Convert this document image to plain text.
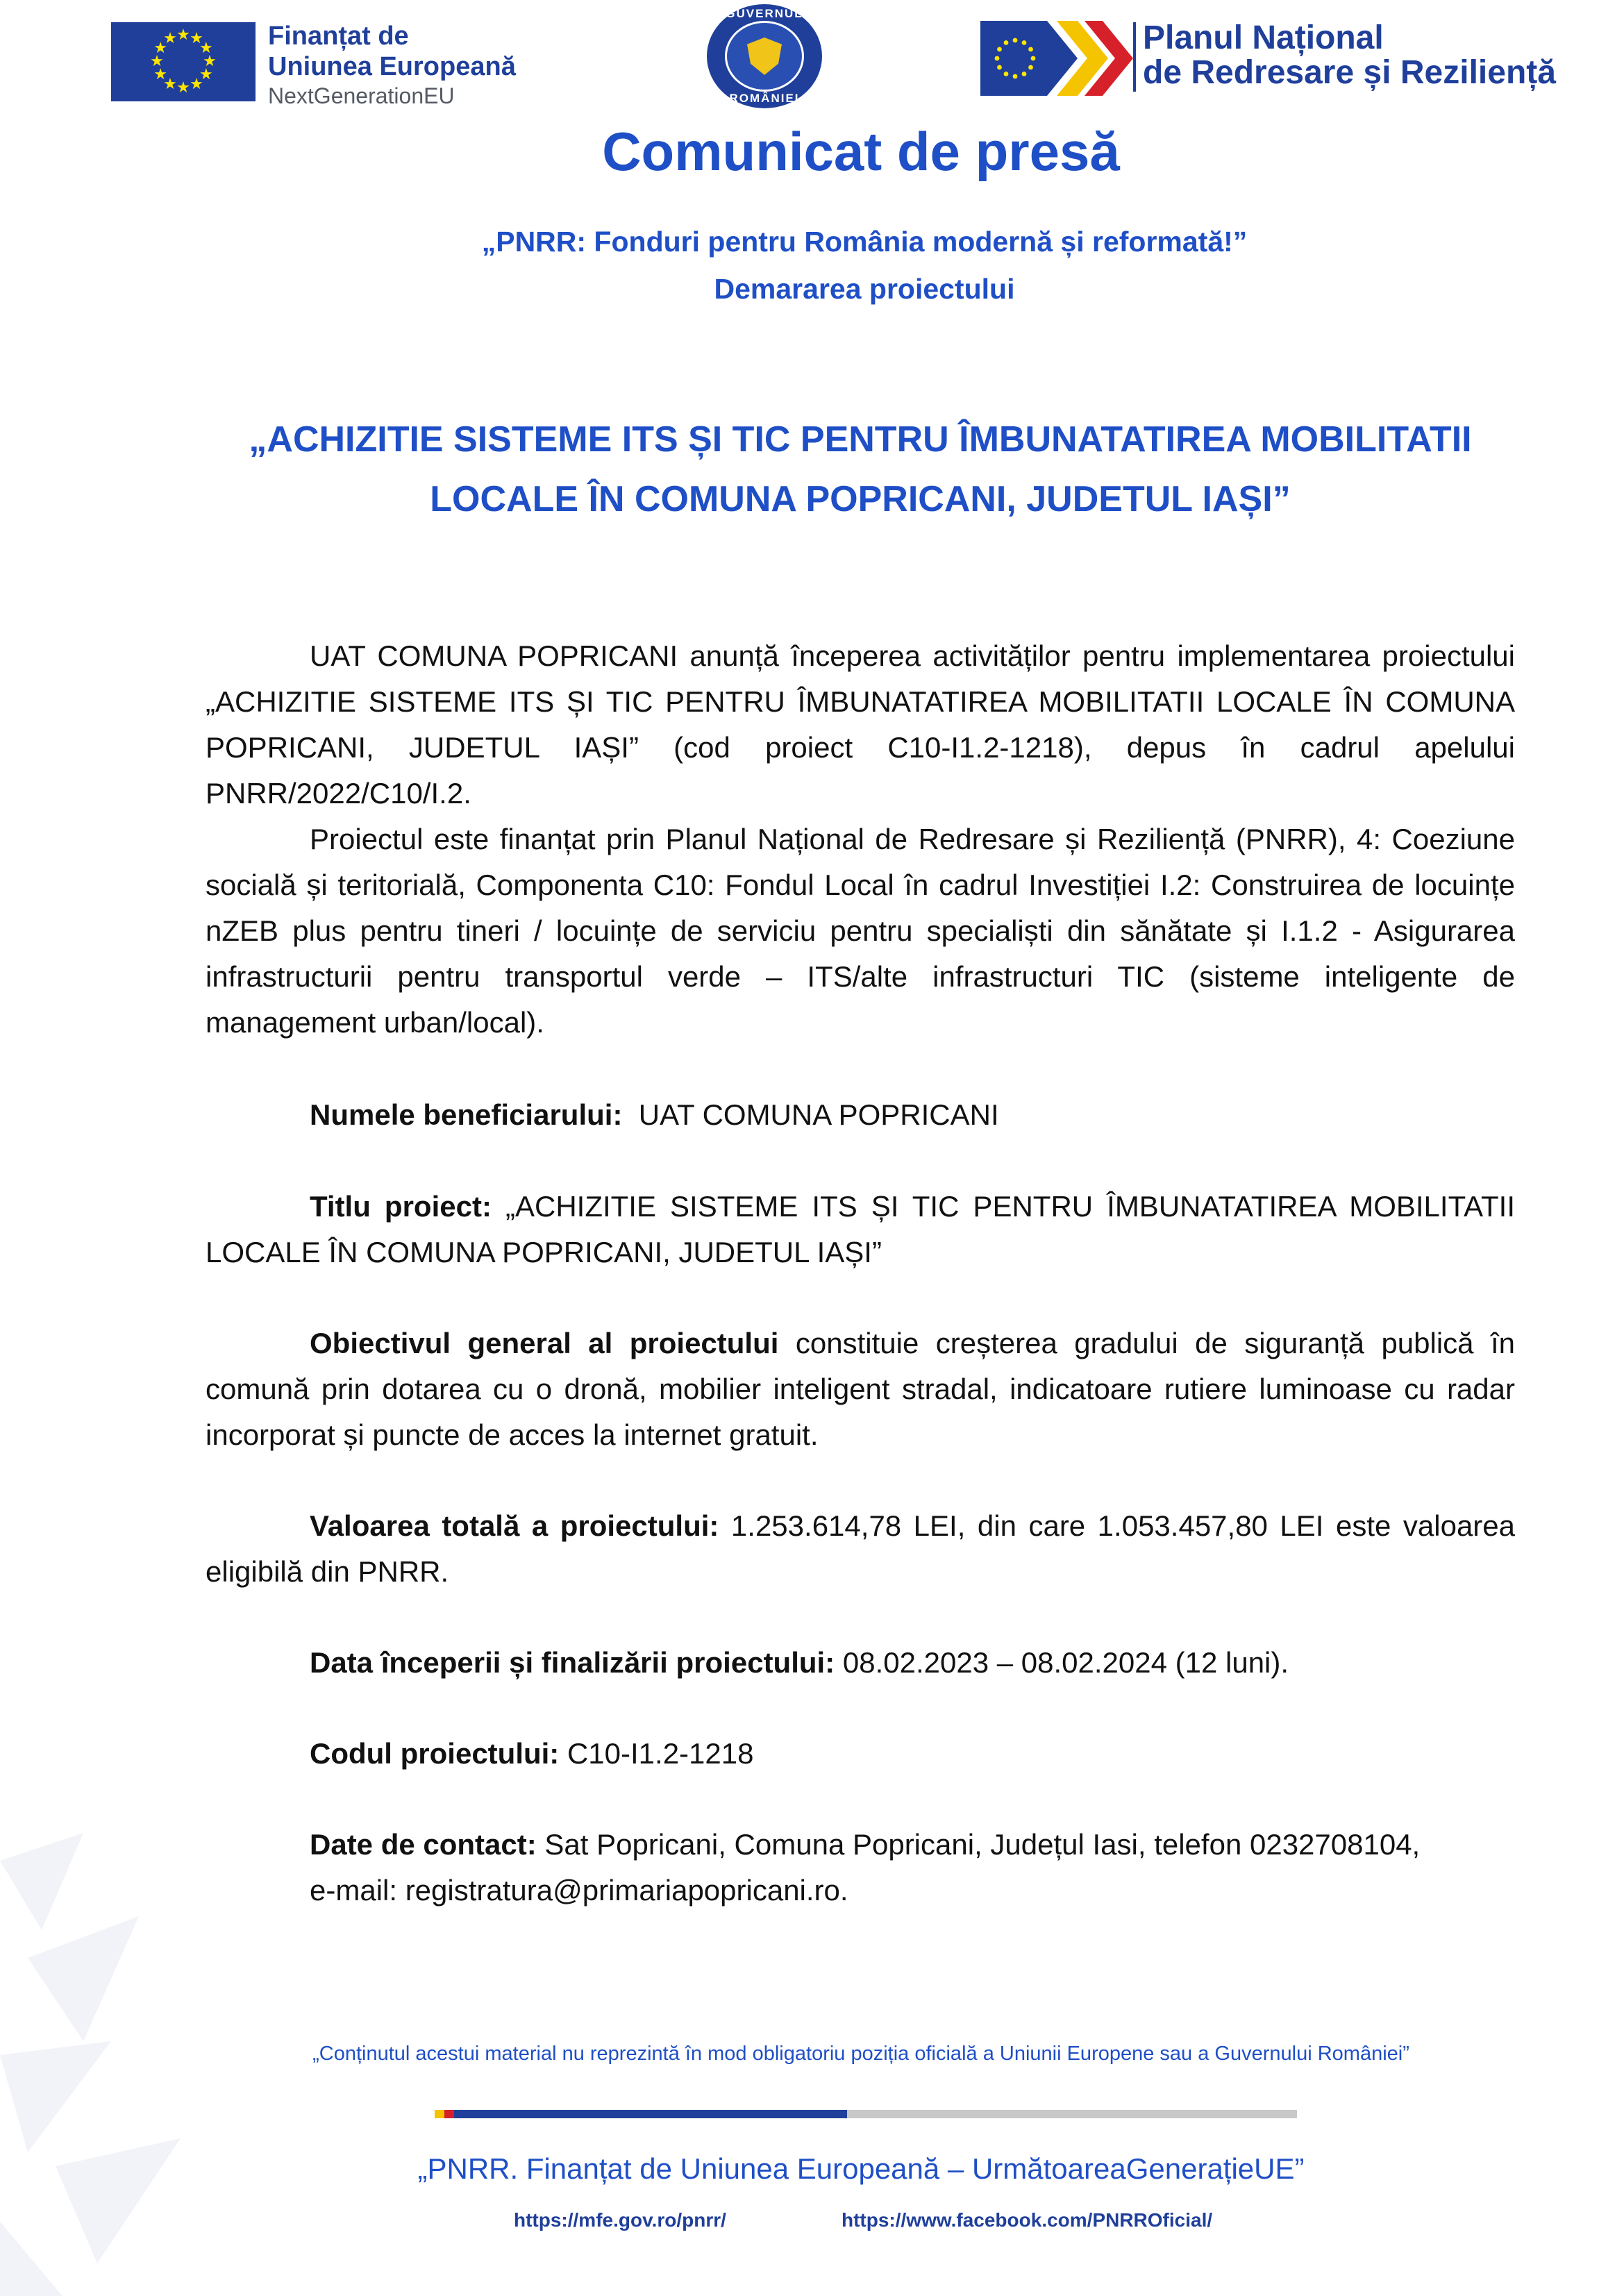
★ ★
★
★
★
★
★
★
★
★
★
★	Finanțat de
Uniunea Europeană
NextGenerationEU
GUVERNUL
ROMÂNIEI
Planul Național
de Redresare și Reziliență
Comunicat de presă
„PNRR: Fonduri pentru România modernă și reformată!”
Demararea proiectului
„ACHIZITIE SISTEME ITS ȘI TIC PENTRU ÎMBUNATATIREA MOBILITATII LOCALE ÎN COMUNA POPRICANI, JUDETUL IAȘI”

UAT COMUNA POPRICANI anunță începerea activităților pentru implementarea proiectului „ACHIZITIE SISTEME ITS ȘI TIC PENTRU ÎMBUNATATIREA MOBILITATII LOCALE ÎN COMUNA POPRICANI, JUDETUL IAȘI” (cod proiect C10-I1.2-1218), depus în cadrul apelului PNRR/2022/C10/I.2.

Proiectul este finanțat prin Planul Național de Redresare și Reziliență (PNRR), 4: Coeziune socială și teritorială, Componenta C10: Fondul Local în cadrul Investiției I.2: Construirea de locuințe nZEB plus pentru tineri / locuințe de serviciu pentru specialiști din sănătate și I.1.2 - Asigurarea infrastructurii pentru transportul verde – ITS/alte infrastructuri TIC (sisteme inteligente de management urban/local).

Numele beneficiarului: UAT COMUNA POPRICANI

Titlu proiect: „ACHIZITIE SISTEME ITS ȘI TIC PENTRU ÎMBUNATATIREA MOBILITATII LOCALE ÎN COMUNA POPRICANI, JUDETUL IAȘI”

Obiectivul general al proiectului constituie creșterea gradului de siguranță publică în comună prin dotarea cu o dronă, mobilier inteligent stradal, indicatoare rutiere luminoase cu radar incorporat și puncte de acces la internet gratuit.

Valoarea totală a proiectului: 1.253.614,78 LEI, din care 1.053.457,80 LEI este valoarea eligibilă din PNRR.

Data începerii și finalizării proiectului: 08.02.2023 – 08.02.2024 (12 luni).

Codul proiectului: C10-I1.2-1218

Date de contact: Sat Popricani, Comuna Popricani, Județul Iasi, telefon 0232708104,

e-mail: registratura@primariapopricani.ro.

„Conținutul acestui material nu reprezintă în mod obligatoriu poziția oficială a Uniunii Europene sau a Guvernului României”
„PNRR. Finanțat de Uniunea Europeană – UrmătoareaGenerațieUE”
https://mfe.gov.ro/pnrr/	https://www.facebook.com/PNRROficial/
